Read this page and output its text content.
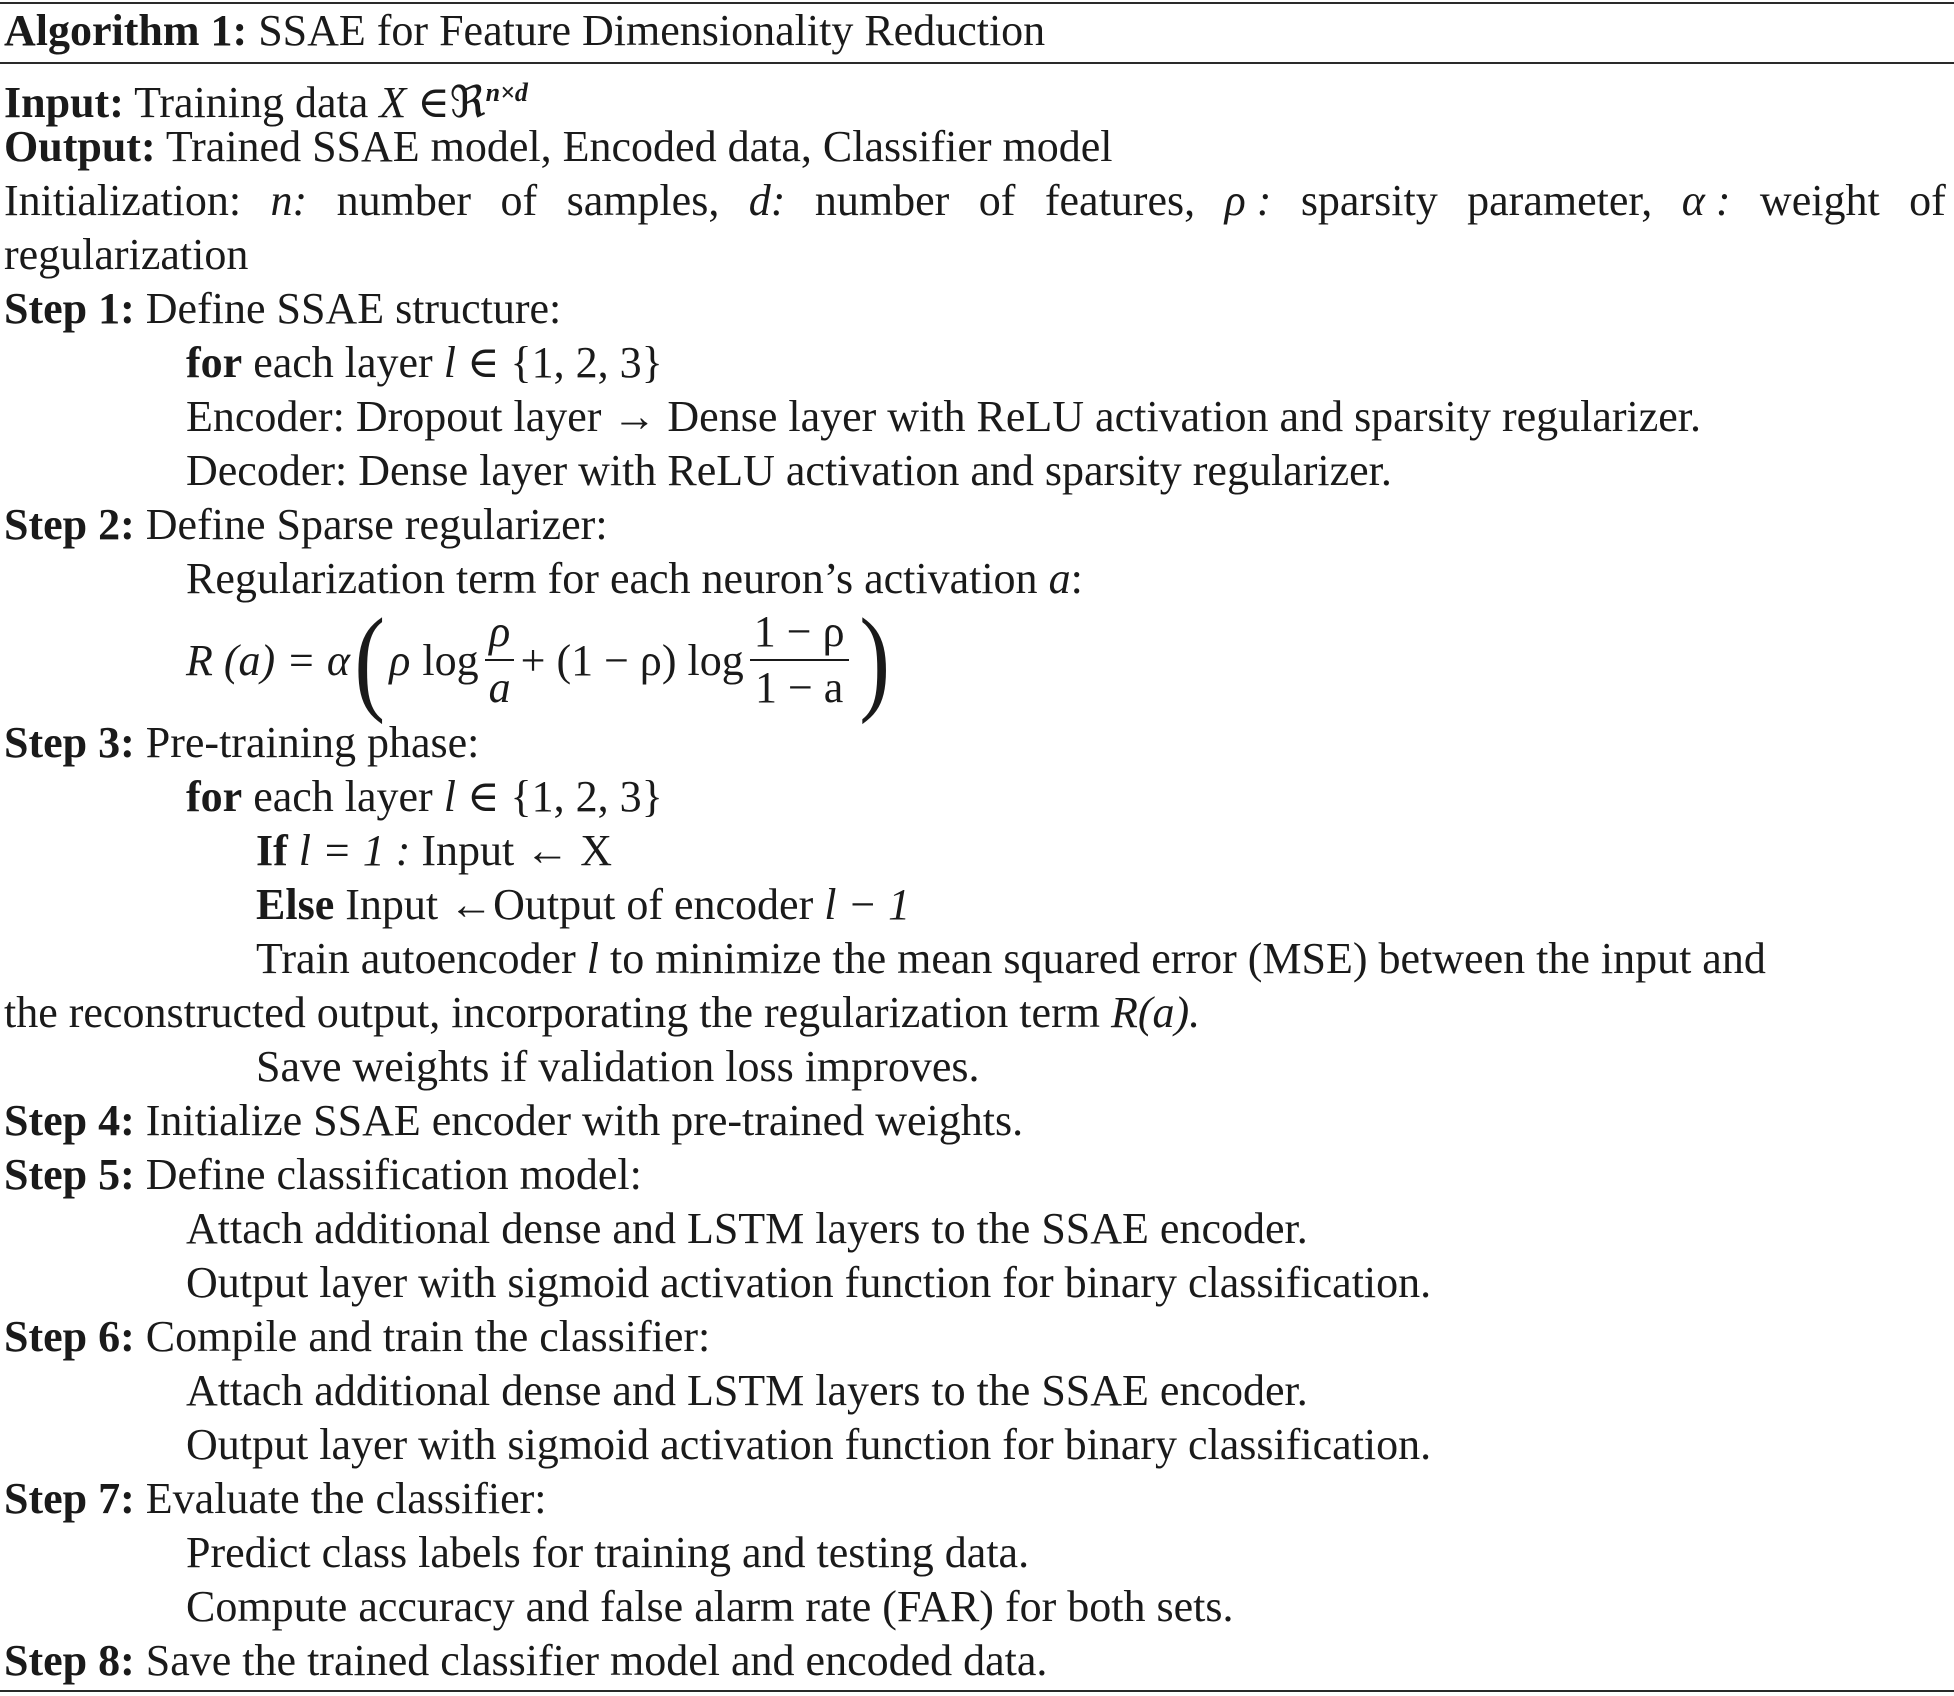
Algorithm 1: SSAE for Feature Dimensionality Reduction
Input: Training data X ∈ℜ$^{n\times d}$
Output: Trained SSAE model, Encoded data, Classifier model
Initialization: n: number of samples, d: number of features, ρ : sparsity parameter, α : weight of
regularization
Step 1: Define SSAE structure:
for each layer l ∈ {1, 2, 3}
Encoder: Dropout layer → Dense layer with ReLU activation and sparsity regularizer.
Decoder: Dense layer with ReLU activation and sparsity regularizer.
Step 2: Define Sparse regularizer:
Regularization term for each neuron’s activation a:
R (a) = α ( ρ $\log \frac{\rho}{a} + (1 - \rho)$ $\log \frac{1 - \rho}{1 - a}$ )
Step 3: Pre-training phase:
for each layer l ∈ {1, 2, 3}
If l = 1 : Input ← X
Else Input ←Output of encoder l − 1
Train autoencoder l to minimize the mean squared error (MSE) between the input and
the reconstructed output, incorporating the regularization term R(a).
Save weights if validation loss improves.
Step 4: Initialize SSAE encoder with pre-trained weights.
Step 5: Define classification model:
Attach additional dense and LSTM layers to the SSAE encoder.
Output layer with sigmoid activation function for binary classification.
Step 6: Compile and train the classifier:
Attach additional dense and LSTM layers to the SSAE encoder.
Output layer with sigmoid activation function for binary classification.
Step 7: Evaluate the classifier:
Predict class labels for training and testing data.
Compute accuracy and false alarm rate (FAR) for both sets.
Step 8: Save the trained classifier model and encoded data.
